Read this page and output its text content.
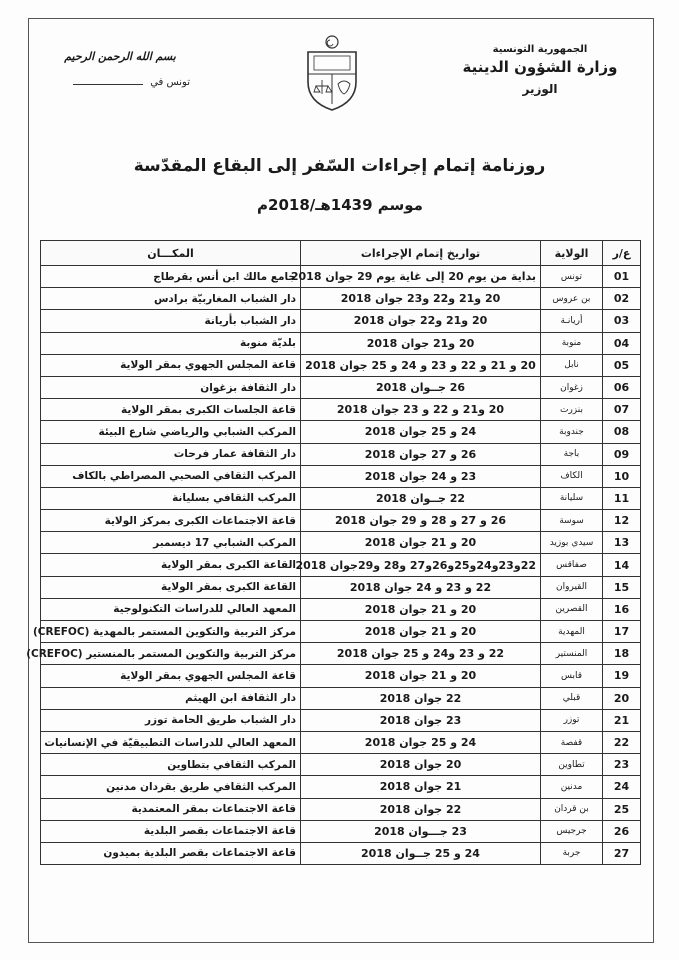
الجمهورية التونسية
وزارة الشؤون الدينية
الوزير
بسم الله الرحمن الرحيم
تونس في
روزنامة إتمام إجراءات السّفر إلى البقاع المقدّسة
موسم 1439هـ/2018م
ع/ر	الولاية	تواريخ إتمام الإجراءات	المكـــان
01	تونس	بداية من يوم 20 إلى غاية يوم 29 جوان 2018	جامع مالك ابن أنس بقرطاج
02	بن عروس	20 و21 و22 و23 جوان 2018	دار الشباب المغاربيّة برادس
03	أريانـة	20 و21 و22 جوان 2018	دار الشباب بأريانة
04	منوبة	20 و21 جوان 2018	بلديّة منوبة
05	نابل	20 و 21 و 22 و 23 و 24 و 25 جوان 2018	قاعة المجلس الجهوي بمقر الولاية
06	زغوان	26 جــوان 2018	دار الثقافة بزغوان
07	بنزرت	20 و21 و 22 و 23 جوان 2018	قاعة الجلسات الكبرى بمقر الولاية
08	جندوبة	24 و 25 جوان 2018	المركب الشبابي والرياضي شارع البيئة
09	باجة	26 و 27 جوان 2018	دار الثقافة عمار فرحات
10	الكاف	23 و 24 جوان 2018	المركب الثقافي الصحبي المصراطي بالكاف
11	سليانة	22 جــوان 2018	المركب الثقافي بسليانة
12	سوسة	26 و 27 و 28 و 29 جوان 2018	قاعة الاجتماعات الكبرى بمركز الولاية
13	سيدي بوزيد	20 و 21 جوان 2018	المركب الشبابي 17 ديسمبر
14	صفاقس	22و23و24و25و26و27 و28 و29جوان 2018	القاعة الكبرى بمقر الولاية
15	القيروان	22 و 23 و 24 جوان 2018	القاعة الكبرى بمقر الولاية
16	القصرين	20 و 21 جوان 2018	المعهد العالي للدراسات التكنولوجية
17	المهدية	20 و 21 جوان 2018	مركز التربية والتكوين المستمر بالمهدية (CREFOC)
18	المنستير	22 و 23 و24 و 25 جوان 2018	مركز التربية والتكوين المستمر بالمنستير (CREFOC)
19	قابس	20 و 21 جوان 2018	قاعة المجلس الجهوي بمقر الولاية
20	قبلي	22 جوان 2018	دار الثقافة ابن الهيثم
21	توزر	23 جوان 2018	دار الشباب طريق الحامة توزر
22	قفصة	24 و 25 جوان 2018	المعهد العالي للدراسات التطبيقيّة في الإنسانيات
23	تطاوين	20 جوان 2018	المركب الثقافي بتطاوين
24	مدنين	21 جوان 2018	المركب الثقافي طريق بقردان مدنين
25	بن قردان	22 جوان 2018	قاعة الاجتماعات بمقر المعتمدية
26	جرجيس	23 جـــوان 2018	قاعة الاجتماعات بقصر البلدية
27	جربة	24 و 25 جــوان 2018	قاعة الاجتماعات بقصر البلدية بميدون
